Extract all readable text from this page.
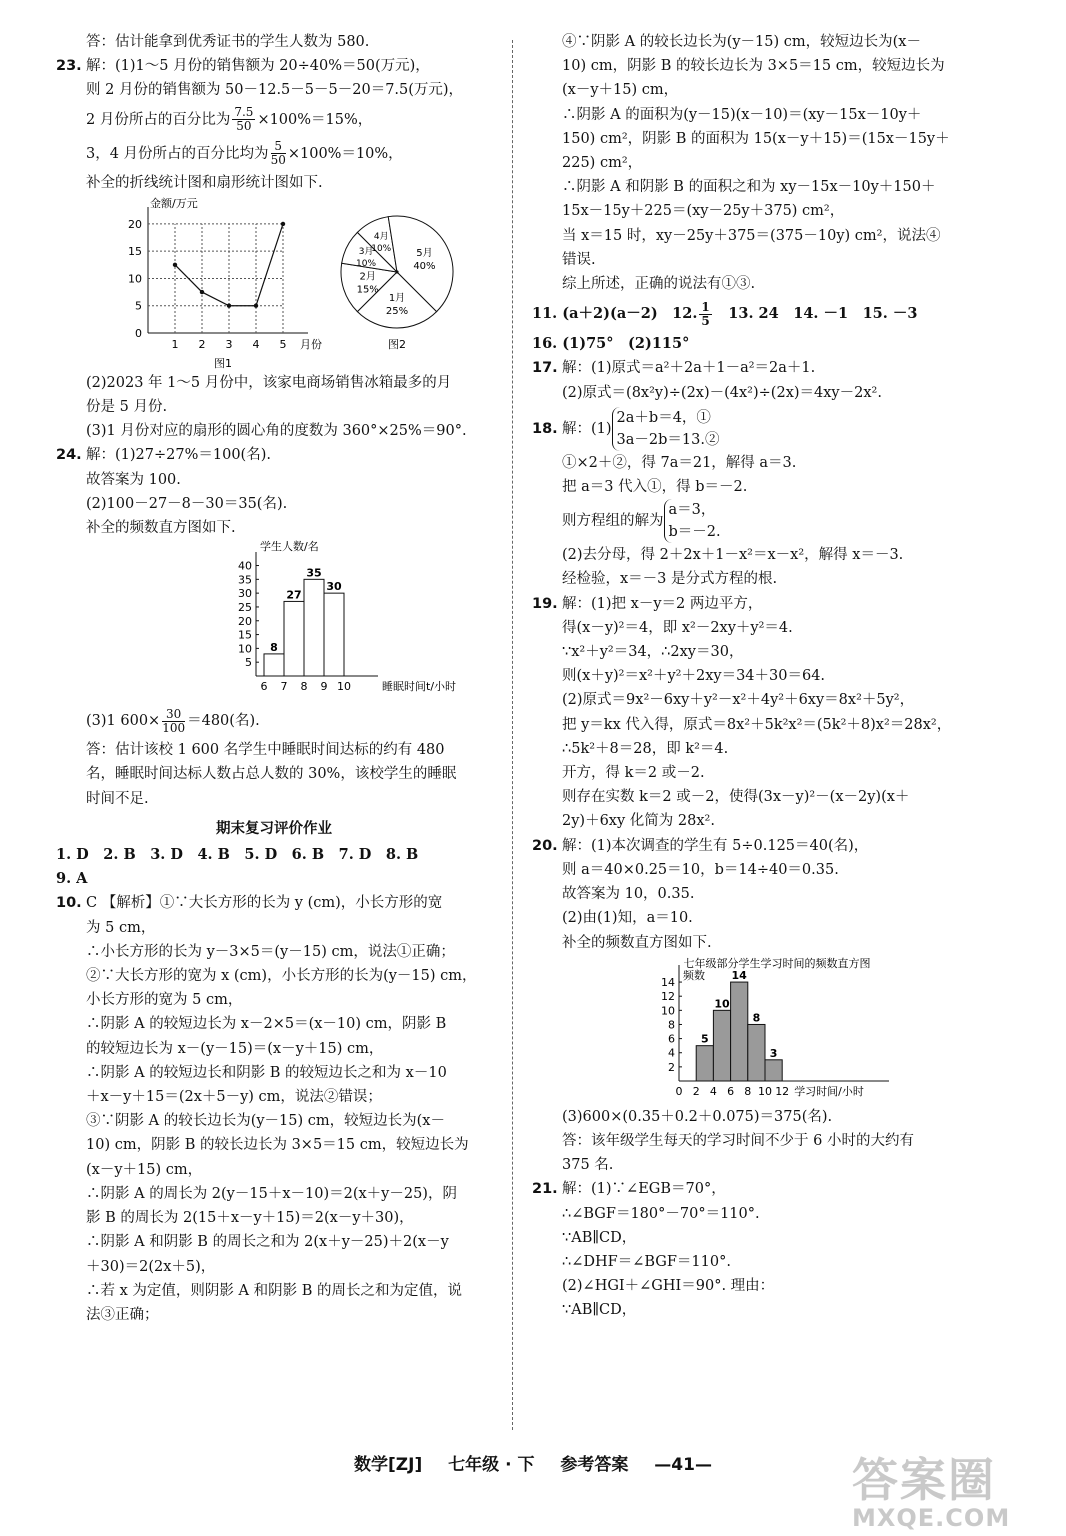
答：估计能拿到优秀证书的学生人数为 580.
23. 解：(1)1～5 月份的销售额为 20÷40%＝50(万元)，
则 2 月份的销售额为 50－12.5－5－5－20＝7.5(万元)，
2 月份所占的百分比为 $\frac{7.5}{50} \times 100\%=15\%$，
3，4 月份所占的百分比均为 $\frac{5}{50} \times 100\%=10\%$，
补全的折线统计图和扇形统计图如下.
0
5
10
15
20
1 2 3 4 5
金额/万元
月份
图1
1月
25%
2月
15%
3月
10%
4月
10%	5月
40%
图2
(2)2023 年 1～5 月份中，该家电商场销售冰箱最多的月
份是 5 月份.
(3)1 月份对应的扇形的圆心角的度数为 360°×25%＝90°.
24. 解：(1)27÷27%＝100(名).
故答案为 100.
(2)100－27－8－30＝35(名).
补全的频数直方图如下.
5
10
15
20
25
30
35
40
8
27
35
30
6 7 8 9 10
学生人数/名
睡眠时间t/小时
(3)1 $600\times \frac{30}{100} =480$(名).
答：估计该校 1 600 名学生中睡眠时间达标的约有 480
名，睡眠时间达标人数占总人数的 30%，该校学生的睡眠
时间不足.
期末复习评价作业
1. D　2. B　3. D　4. B　5. D　6. B　7. D　8. B
9. A
10. C 【解析】①∵大长方形的长为 y (cm)，小长方形的宽
为 5 cm，
∴小长方形的长为 y－3×5＝(y－15) cm，说法①正确；
②∵大长方形的宽为 x (cm)，小长方形的长为(y－15) cm，
小长方形的宽为 5 cm，
∴阴影 A 的较短边长为 x－2×5＝(x－10) cm，阴影 B
的较短边长为 x－(y－15)＝(x－y＋15) cm，
∴阴影 A 的较短边长和阴影 B 的较短边长之和为 x－10
＋x－y＋15＝(2x＋5－y) cm，说法②错误；
③∵阴影 A 的较长边长为(y－15) cm，较短边长为(x－
10) cm，阴影 B 的较长边长为 3×5＝15 cm，较短边长为
(x－y＋15) cm，
∴阴影 A 的周长为 2(y－15＋x－10)＝2(x＋y－25)，阴
影 B 的周长为 2(15＋x－y＋15)＝2(x－y＋30)，
∴阴影 A 和阴影 B 的周长之和为 2(x＋y－25)＋2(x－y
＋30)＝2(2x＋5)，
∴若 x 为定值，则阴影 A 和阴影 B 的周长之和为定值，说
法③正确；
④∵阴影 A 的较长边长为(y－15) cm，较短边长为(x－
10) cm，阴影 B 的较长边长为 3×5＝15 cm，较短边长为
(x－y＋15) cm，
∴阴影 A 的面积为(y－15)(x－10)＝(xy－15x－10y＋
150) cm²，阴影 B 的面积为 15(x－y＋15)＝(15x－15y＋
225) cm²，
∴阴影 A 和阴影 B 的面积之和为 xy－15x－10y＋150＋
15x－15y＋225＝(xy－25y＋375) cm²，
当 x＝15 时，xy－25y＋375＝(375－10y) cm²，说法④
错误.
综上所述，正确的说法有①③.
11. (a＋2)(a－2)　12. $\frac{1}{5}$ 　13. 24　14. －1　15. －3
16. (1)75°　(2)115°
17. 解：(1)原式＝a²＋2a＋1－a²＝2a＋1.
(2)原式＝(8x²y)÷(2x)－(4x²)÷(2x)＝4xy－2x².
18. 解：(1)
2a＋b＝4，①
3a－2b＝13.②
①×2＋②，得 7a＝21，解得 a＝3.
把 a＝3 代入①，得 b＝－2.
则方程组的解为
a＝3，
b＝－2.
(2)去分母，得 2＋2x＋1－x²＝x－x²，解得 x＝－3.
经检验，x＝－3 是分式方程的根.
19. 解：(1)把 x－y＝2 两边平方，
得(x－y)²＝4，即 x²－2xy＋y²＝4.
∵x²＋y²＝34，∴2xy＝30，
则(x＋y)²＝x²＋y²＋2xy＝34＋30＝64.
(2)原式＝9x²－6xy＋y²－x²＋4y²＋6xy＝8x²＋5y²，
把 y＝kx 代入得，原式＝8x²＋5k²x²＝(5k²＋8)x²＝28x²，
∴5k²＋8＝28，即 k²＝4.
开方，得 k＝2 或－2.
则存在实数 k＝2 或－2，使得(3x－y)²－(x－2y)(x＋
2y)＋6xy 化简为 28x².
20. 解：(1)本次调查的学生有 5÷0.125＝40(名)，
则 a＝40×0.25＝10，b＝14÷40＝0.35.
故答案为 10，0.35.
(2)由(1)知，a＝10.
补全的频数直方图如下.
七年级部分学生学习时间的频数直方图
2
4
6
8
10
12
14
5
10
14
8
3
0 2 4 6 8 10 12
频数
学习时间/小时
(3)600×(0.35＋0.2＋0.075)＝375(名).
答：该年级学生每天的学习时间不少于 6 小时的大约有
375 名.
21. 解：(1)∵∠EGB＝70°，
∴∠BGF＝180°－70°＝110°.
∵AB∥CD，
∴∠DHF＝∠BGF＝110°.
(2)∠HGI＋∠GHI＝90°. 理由：
∵AB∥CD，
数学[ZJ] 七年级 · 下 参考答案 —41—	答案圈
MXQE.COM
